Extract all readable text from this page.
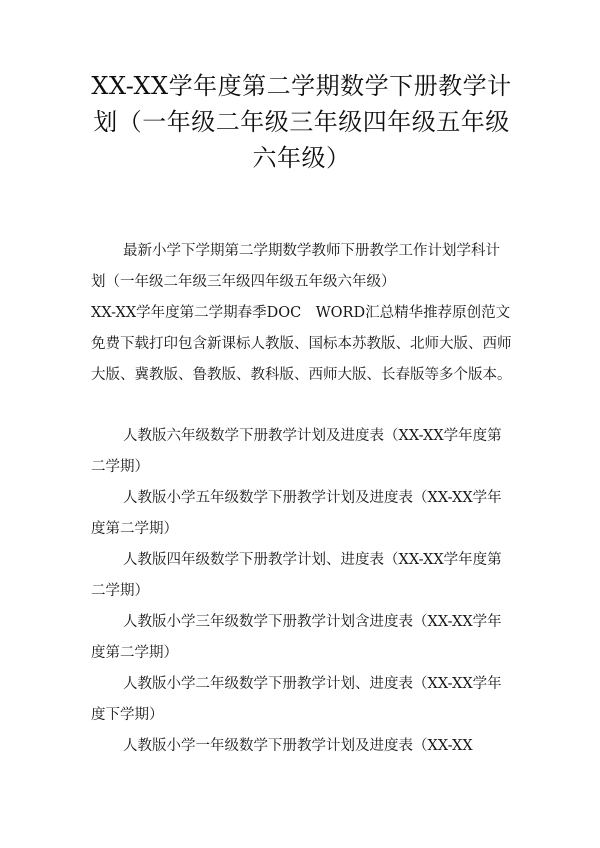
XX-XX学年度第二学期数学下册教学计划（一年级二年级三年级四年级五年级六年级）

最新小学下学期第二学期数学教师下册教学工作计划学科计划（一年级二年级三年级四年级五年级六年级）

XX-XX学年度第二学期春季DOC　WORD汇总精华推荐原创范文免费下载打印包含新课标人教版、国标本苏教版、北师大版、西师大版、冀教版、鲁教版、教科版、西师大版、长春版等多个版本。

人教版六年级数学下册教学计划及进度表（XX-XX学年度第二学期）

人教版小学五年级数学下册教学计划及进度表（XX-XX学年度第二学期）

人教版四年级数学下册教学计划、进度表（XX-XX学年度第二学期）

人教版小学三年级数学下册教学计划含进度表（XX-XX学年度第二学期）

人教版小学二年级数学下册教学计划、进度表（XX-XX学年度下学期）

人教版小学一年级数学下册教学计划及进度表（XX-XX
